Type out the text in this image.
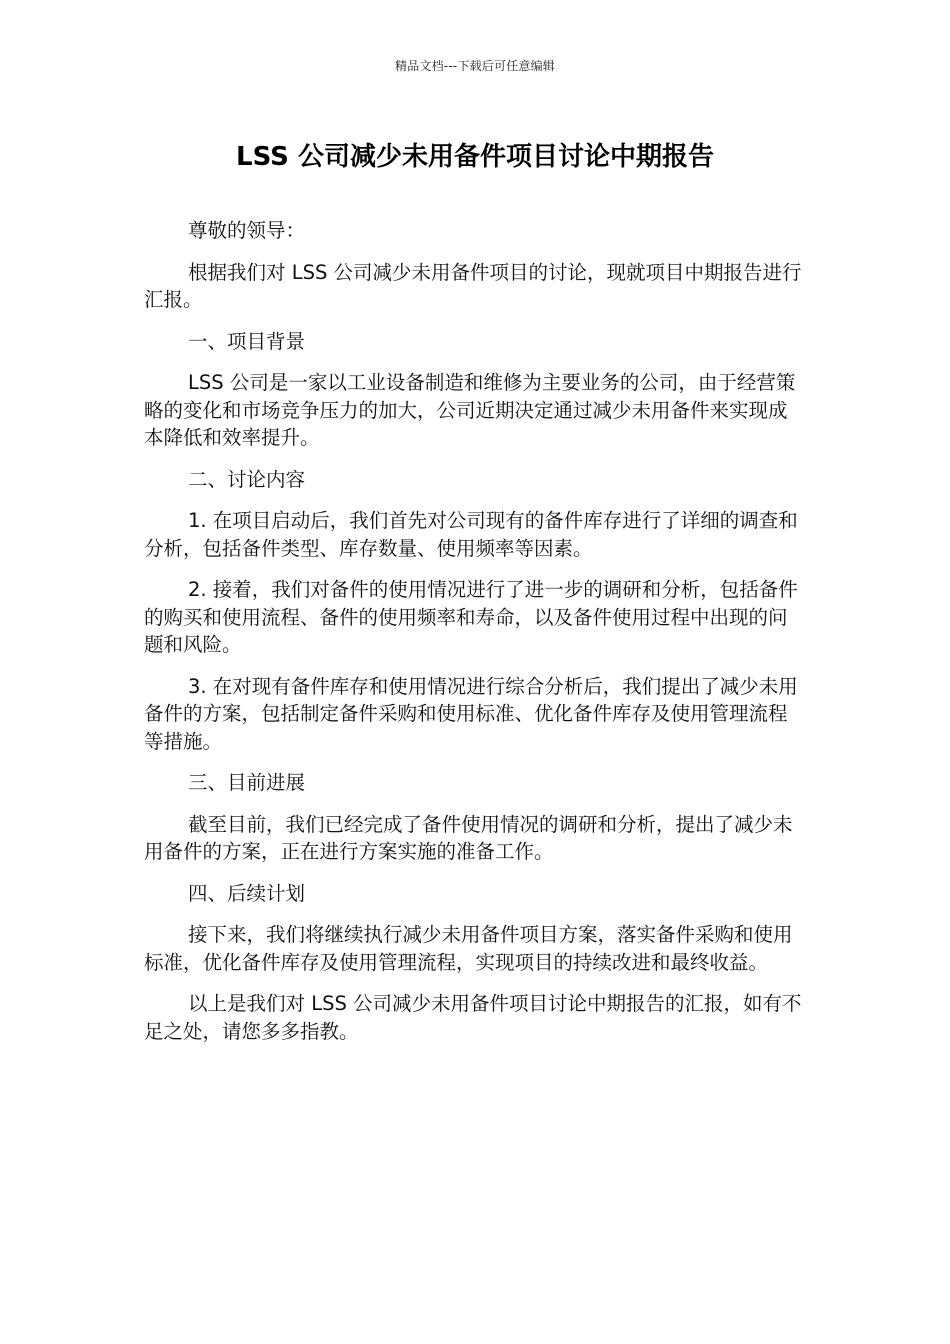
精品文档---下载后可任意编辑
LSS 公司减少未用备件项目讨论中期报告

尊敬的领导：

根据我们对 LSS 公司减少未用备件项目的讨论，现就项目中期报告进行汇报。

一、项目背景

LSS 公司是一家以工业设备制造和维修为主要业务的公司，由于经营策略的变化和市场竞争压力的加大，公司近期决定通过减少未用备件来实现成本降低和效率提升。

二、讨论内容

1. 在项目启动后，我们首先对公司现有的备件库存进行了详细的调查和分析，包括备件类型、库存数量、使用频率等因素。

2. 接着，我们对备件的使用情况进行了进一步的调研和分析，包括备件的购买和使用流程、备件的使用频率和寿命，以及备件使用过程中出现的问题和风险。

3. 在对现有备件库存和使用情况进行综合分析后，我们提出了减少未用备件的方案，包括制定备件采购和使用标准、优化备件库存及使用管理流程等措施。

三、目前进展

截至目前，我们已经完成了备件使用情况的调研和分析，提出了减少未用备件的方案，正在进行方案实施的准备工作。

四、后续计划

接下来，我们将继续执行减少未用备件项目方案，落实备件采购和使用标准，优化备件库存及使用管理流程，实现项目的持续改进和最终收益。

以上是我们对 LSS 公司减少未用备件项目讨论中期报告的汇报，如有不足之处，请您多多指教。
